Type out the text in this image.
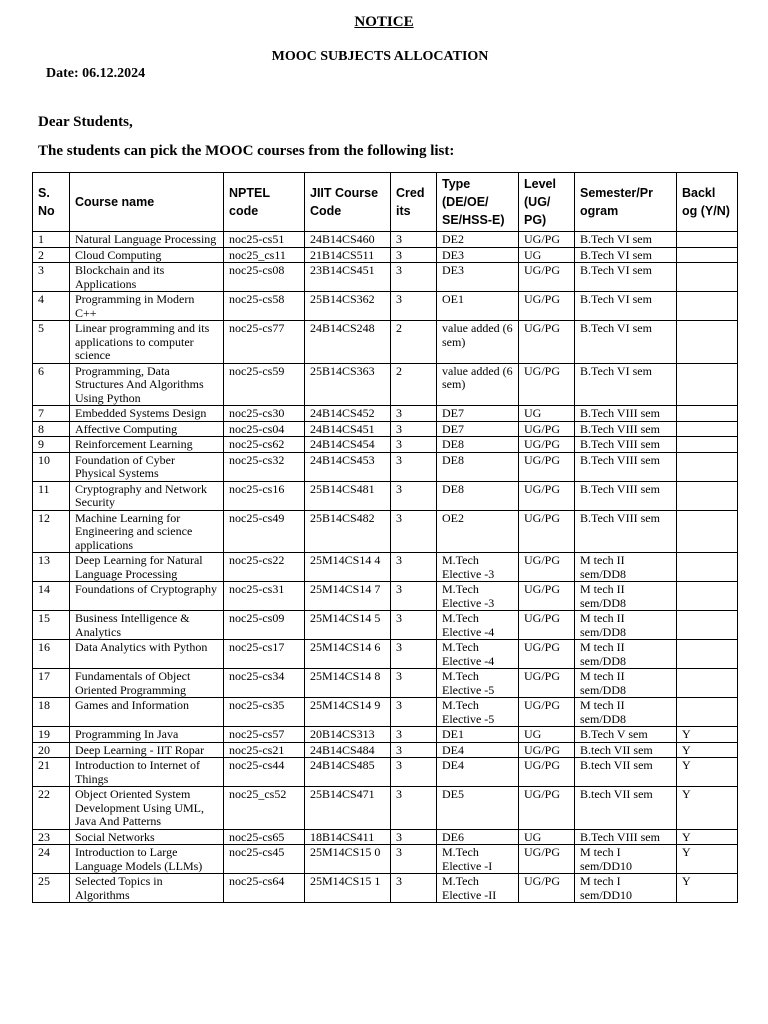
NOTICE
MOOC SUBJECTS ALLOCATION
Date: 06.12.2024
Dear Students,
The students can pick the MOOC courses from the following list:
S. No	Course name	NPTEL code	JIIT Course Code	Cred its	Type (DE/OE/ SE/HSS-E)	Level (UG/ PG)	Semester/Pr ogram	Backl og (Y/N)
1	Natural Language Processing	noc25-cs51	24B14CS460	3	DE2	UG/PG	B.Tech VI sem	
2	Cloud Computing	noc25_cs11	21B14CS511	3	DE3	UG	B.Tech VI sem	
3	Blockchain and its Applications	noc25-cs08	23B14CS451	3	DE3	UG/PG	B.Tech VI sem	
4	Programming in Modern C++	noc25-cs58	25B14CS362	3	OE1	UG/PG	B.Tech VI sem	
5	Linear programming and its applications to computer science	noc25-cs77	24B14CS248	2	value added (6 sem)	UG/PG	B.Tech VI sem	
6	Programming, Data Structures And Algorithms Using Python	noc25-cs59	25B14CS363	2	value added (6 sem)	UG/PG	B.Tech VI sem	
7	Embedded Systems Design	noc25-cs30	24B14CS452	3	DE7	UG	B.Tech VIII sem	
8	Affective Computing	noc25-cs04	24B14CS451	3	DE7	UG/PG	B.Tech VIII sem	
9	Reinforcement Learning	noc25-cs62	24B14CS454	3	DE8	UG/PG	B.Tech VIII sem	
10	Foundation of Cyber Physical Systems	noc25-cs32	24B14CS453	3	DE8	UG/PG	B.Tech VIII sem	
11	Cryptography and Network Security	noc25-cs16	25B14CS481	3	DE8	UG/PG	B.Tech VIII sem	
12	Machine Learning for Engineering and science applications	noc25-cs49	25B14CS482	3	OE2	UG/PG	B.Tech VIII sem	
13	Deep Learning for Natural Language Processing	noc25-cs22	25M14CS14 4	3	M.Tech Elective -3	UG/PG	M tech II sem/DD8	
14	Foundations of Cryptography	noc25-cs31	25M14CS14 7	3	M.Tech Elective -3	UG/PG	M tech II sem/DD8	
15	Business Intelligence & Analytics	noc25-cs09	25M14CS14 5	3	M.Tech Elective -4	UG/PG	M tech II sem/DD8	
16	Data Analytics with Python	noc25-cs17	25M14CS14 6	3	M.Tech Elective -4	UG/PG	M tech II sem/DD8	
17	Fundamentals of Object Oriented Programming	noc25-cs34	25M14CS14 8	3	M.Tech Elective -5	UG/PG	M tech II sem/DD8	
18	Games and Information	noc25-cs35	25M14CS14 9	3	M.Tech Elective -5	UG/PG	M tech II sem/DD8	
19	Programming In Java	noc25-cs57	20B14CS313	3	DE1	UG	B.Tech V sem	Y
20	Deep Learning - IIT Ropar	noc25-cs21	24B14CS484	3	DE4	UG/PG	B.tech VII sem	Y
21	Introduction to Internet of Things	noc25-cs44	24B14CS485	3	DE4	UG/PG	B.tech VII sem	Y
22	Object Oriented System Development Using UML, Java And Patterns	noc25_cs52	25B14CS471	3	DE5	UG/PG	B.tech VII sem	Y
23	Social Networks	noc25-cs65	18B14CS411	3	DE6	UG	B.Tech VIII sem	Y
24	Introduction to Large Language Models (LLMs)	noc25-cs45	25M14CS15 0	3	M.Tech Elective -I	UG/PG	M tech I sem/DD10	Y
25	Selected Topics in Algorithms	noc25-cs64	25M14CS15 1	3	M.Tech Elective -II	UG/PG	M tech I sem/DD10	Y
